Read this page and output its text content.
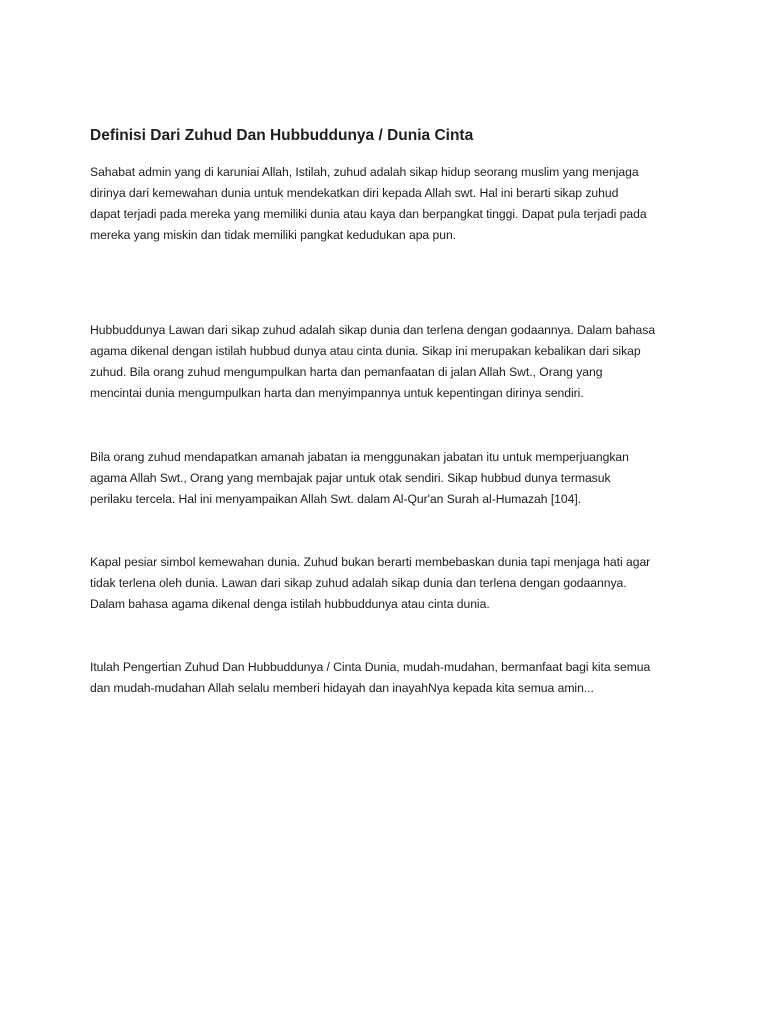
Definisi Dari Zuhud Dan Hubbuddunya / Dunia Cinta
Sahabat admin yang di karuniai Allah, Istilah, zuhud adalah sikap hidup seorang muslim yang menjaga
dirinya dari kemewahan dunia untuk mendekatkan diri kepada Allah swt. Hal ini berarti sikap zuhud
dapat terjadi pada mereka yang memiliki dunia atau kaya dan berpangkat tinggi. Dapat pula terjadi pada
mereka yang miskin dan tidak memiliki pangkat kedudukan apa pun.
Hubbuddunya Lawan dari sikap zuhud adalah sikap dunia dan terlena dengan godaannya. Dalam bahasa
agama dikenal dengan istilah hubbud dunya atau cinta dunia. Sikap ini merupakan kebalikan dari sikap
zuhud. Bila orang zuhud mengumpulkan harta dan pemanfaatan di jalan Allah Swt., Orang yang
mencintai dunia mengumpulkan harta dan menyimpannya untuk kepentingan dirinya sendiri.
Bila orang zuhud mendapatkan amanah jabatan ia menggunakan jabatan itu untuk memperjuangkan
agama Allah Swt., Orang yang membajak pajar untuk otak sendiri. Sikap hubbud dunya termasuk
perilaku tercela. Hal ini menyampaikan Allah Swt. dalam Al-Qur'an Surah al-Humazah [104].
Kapal pesiar simbol kemewahan dunia. Zuhud bukan berarti membebaskan dunia tapi menjaga hati agar
tidak terlena oleh dunia. Lawan dari sikap zuhud adalah sikap dunia dan terlena dengan godaannya.
Dalam bahasa agama dikenal denga istilah hubbuddunya atau cinta dunia.
Itulah Pengertian Zuhud Dan Hubbuddunya / Cinta Dunia, mudah-mudahan, bermanfaat bagi kita semua
dan mudah-mudahan Allah selalu memberi hidayah dan inayahNya kepada kita semua amin...
